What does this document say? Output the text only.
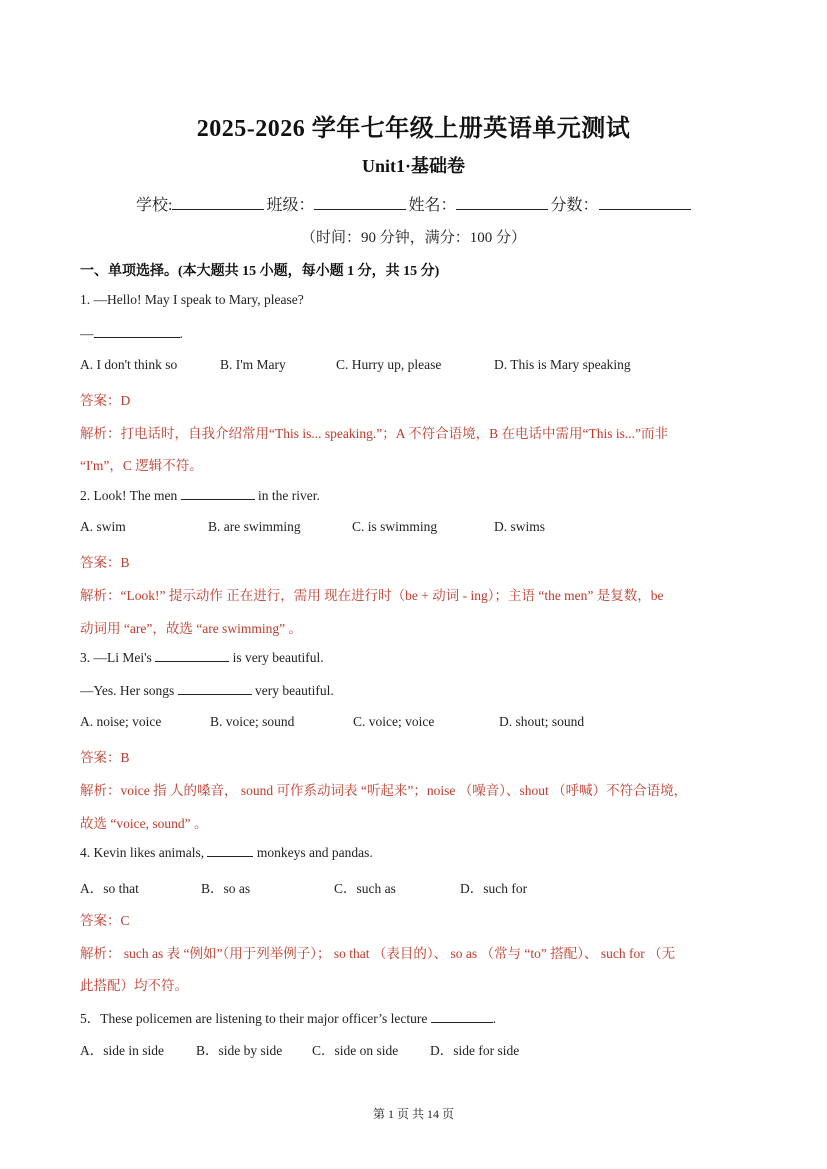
2025-2026 学年七年级上册英语单元测试
Unit1·基础卷
学校:	班级：	姓名：	分数：
（时间：90 分钟，满分：100 分）
一、单项选择。(本大题共 15 小题，每小题 1 分，共 15 分)
1. —Hello! May I speak to Mary, please?
—	.
A. I don't think so	B. I'm Mary	C. Hurry up, please	D. This is Mary speaking
答案：D
解析：打电话时，自我介绍常用“This is... speaking.”；A 不符合语境，B 在电话中需用“This is...”而非
“I'm”，C 逻辑不符。
2. Look! The men	in the river.
A. swim	B. are swimming	C. is swimming	D. swims
答案：B
解析：“Look!” 提示动作 正在进行，需用 现在进行时（be + 动词 - ing）；主语 “the men” 是复数，be
动词用 “are”，故选 “are swimming” 。
3. —Li Mei's	is very beautiful.
—Yes. Her songs	very beautiful.
A. noise; voice	B. voice; sound	C. voice; voice	D. shout; sound
答案：B
解析：voice 指 人的嗓音， sound 可作系动词表 “听起来”；noise （噪音）、shout （呼喊）不符合语境，
故选 “voice, sound” 。
4. Kevin likes animals,	monkeys and pandas.
A．so that	B．so as	C．such as	D．such for
答案：C
解析： such as 表 “例如”（用于列举例子）； so that （表目的）、 so as （常与 “to” 搭配）、 such for （无
此搭配）均不符。
5．These policemen are listening to their major officer’s lecture	.
A．side in side B．side by side C．side on side D．side for side
第 1 页 共 14 页
